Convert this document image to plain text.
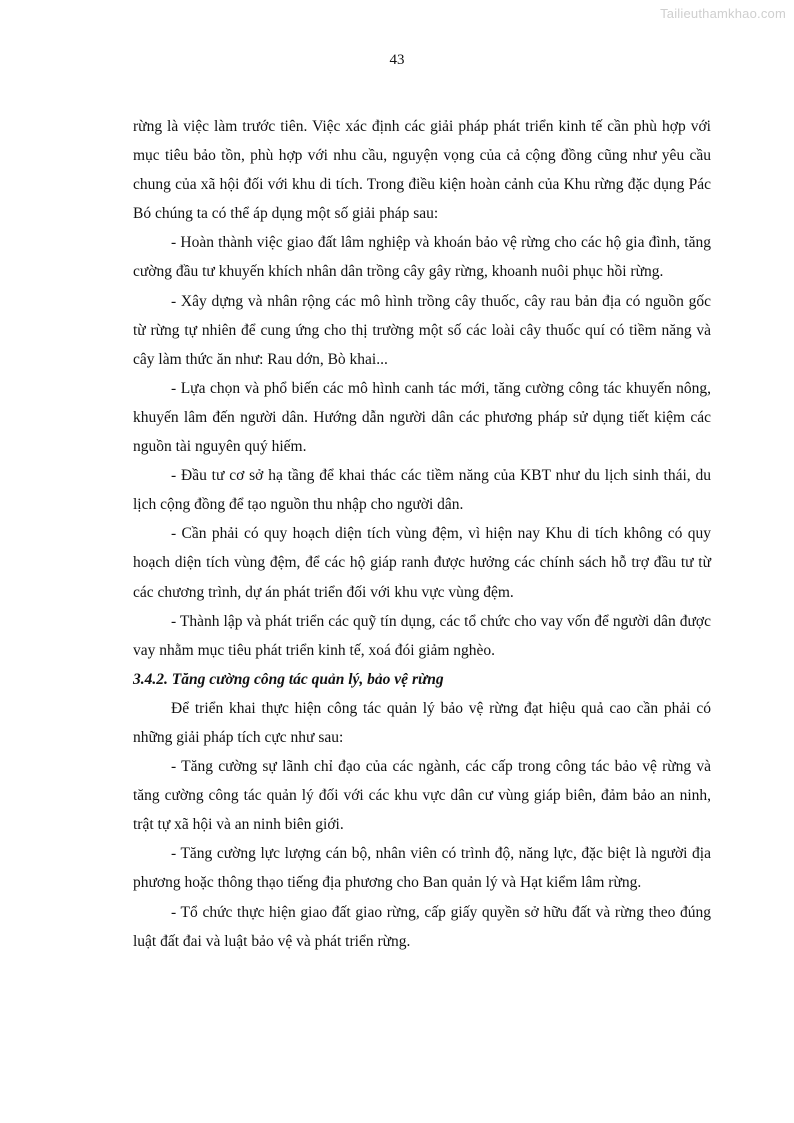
Tailieuthamkhao.com
43

rừng là việc làm trước tiên. Việc xác định các giải pháp phát triển kinh tế cần phù hợp với mục tiêu bảo tồn, phù hợp với nhu cầu, nguyện vọng của cả cộng đồng cũng như yêu cầu chung của xã hội đối với khu di tích. Trong điều kiện hoàn cảnh của Khu rừng đặc dụng Pác Bó chúng ta có thể áp dụng một số giải pháp sau:

- Hoàn thành việc giao đất lâm nghiệp và khoán bảo vệ rừng cho các hộ gia đình, tăng cường đầu tư khuyến khích nhân dân trồng cây gây rừng, khoanh nuôi phục hồi rừng.

- Xây dựng và nhân rộng các mô hình trồng cây thuốc, cây rau bản địa có nguồn gốc từ rừng tự nhiên để cung ứng cho thị trường một số các loài cây thuốc quí có tiềm năng và cây làm thức ăn như: Rau dớn, Bò khai...

- Lựa chọn và phổ biến các mô hình canh tác mới, tăng cường công tác khuyến nông, khuyến lâm đến người dân. Hướng dẫn người dân các phương pháp sử dụng tiết kiệm các nguồn tài nguyên quý hiếm.

- Đầu tư cơ sở hạ tầng để khai thác các tiềm năng của KBT như du lịch sinh thái, du lịch cộng đồng để tạo nguồn thu nhập cho người dân.

- Cần phải có quy hoạch diện tích vùng đệm, vì hiện nay Khu di tích không có quy hoạch diện tích vùng đệm, để các hộ giáp ranh được hưởng các chính sách hỗ trợ đầu tư từ các chương trình, dự án phát triển đối với khu vực vùng đệm.

- Thành lập và phát triển các quỹ tín dụng, các tổ chức cho vay vốn để người dân được vay nhằm mục tiêu phát triển kinh tế, xoá đói giảm nghèo.

3.4.2. Tăng cường công tác quản lý, bảo vệ rừng

Để triển khai thực hiện công tác quản lý bảo vệ rừng đạt hiệu quả cao cần phải có những giải pháp tích cực như sau:

- Tăng cường sự lãnh chỉ đạo của các ngành, các cấp trong công tác bảo vệ rừng và tăng cường công tác quản lý đối với các khu vực dân cư vùng giáp biên, đảm bảo an ninh, trật tự xã hội và an ninh biên giới.

- Tăng cường lực lượng cán bộ, nhân viên có trình độ, năng lực, đặc biệt là người địa phương hoặc thông thạo tiếng địa phương cho Ban quản lý và Hạt kiểm lâm rừng.

- Tổ chức thực hiện giao đất giao rừng, cấp giấy quyền sở hữu đất và rừng theo đúng luật đất đai và luật bảo vệ và phát triển rừng.
